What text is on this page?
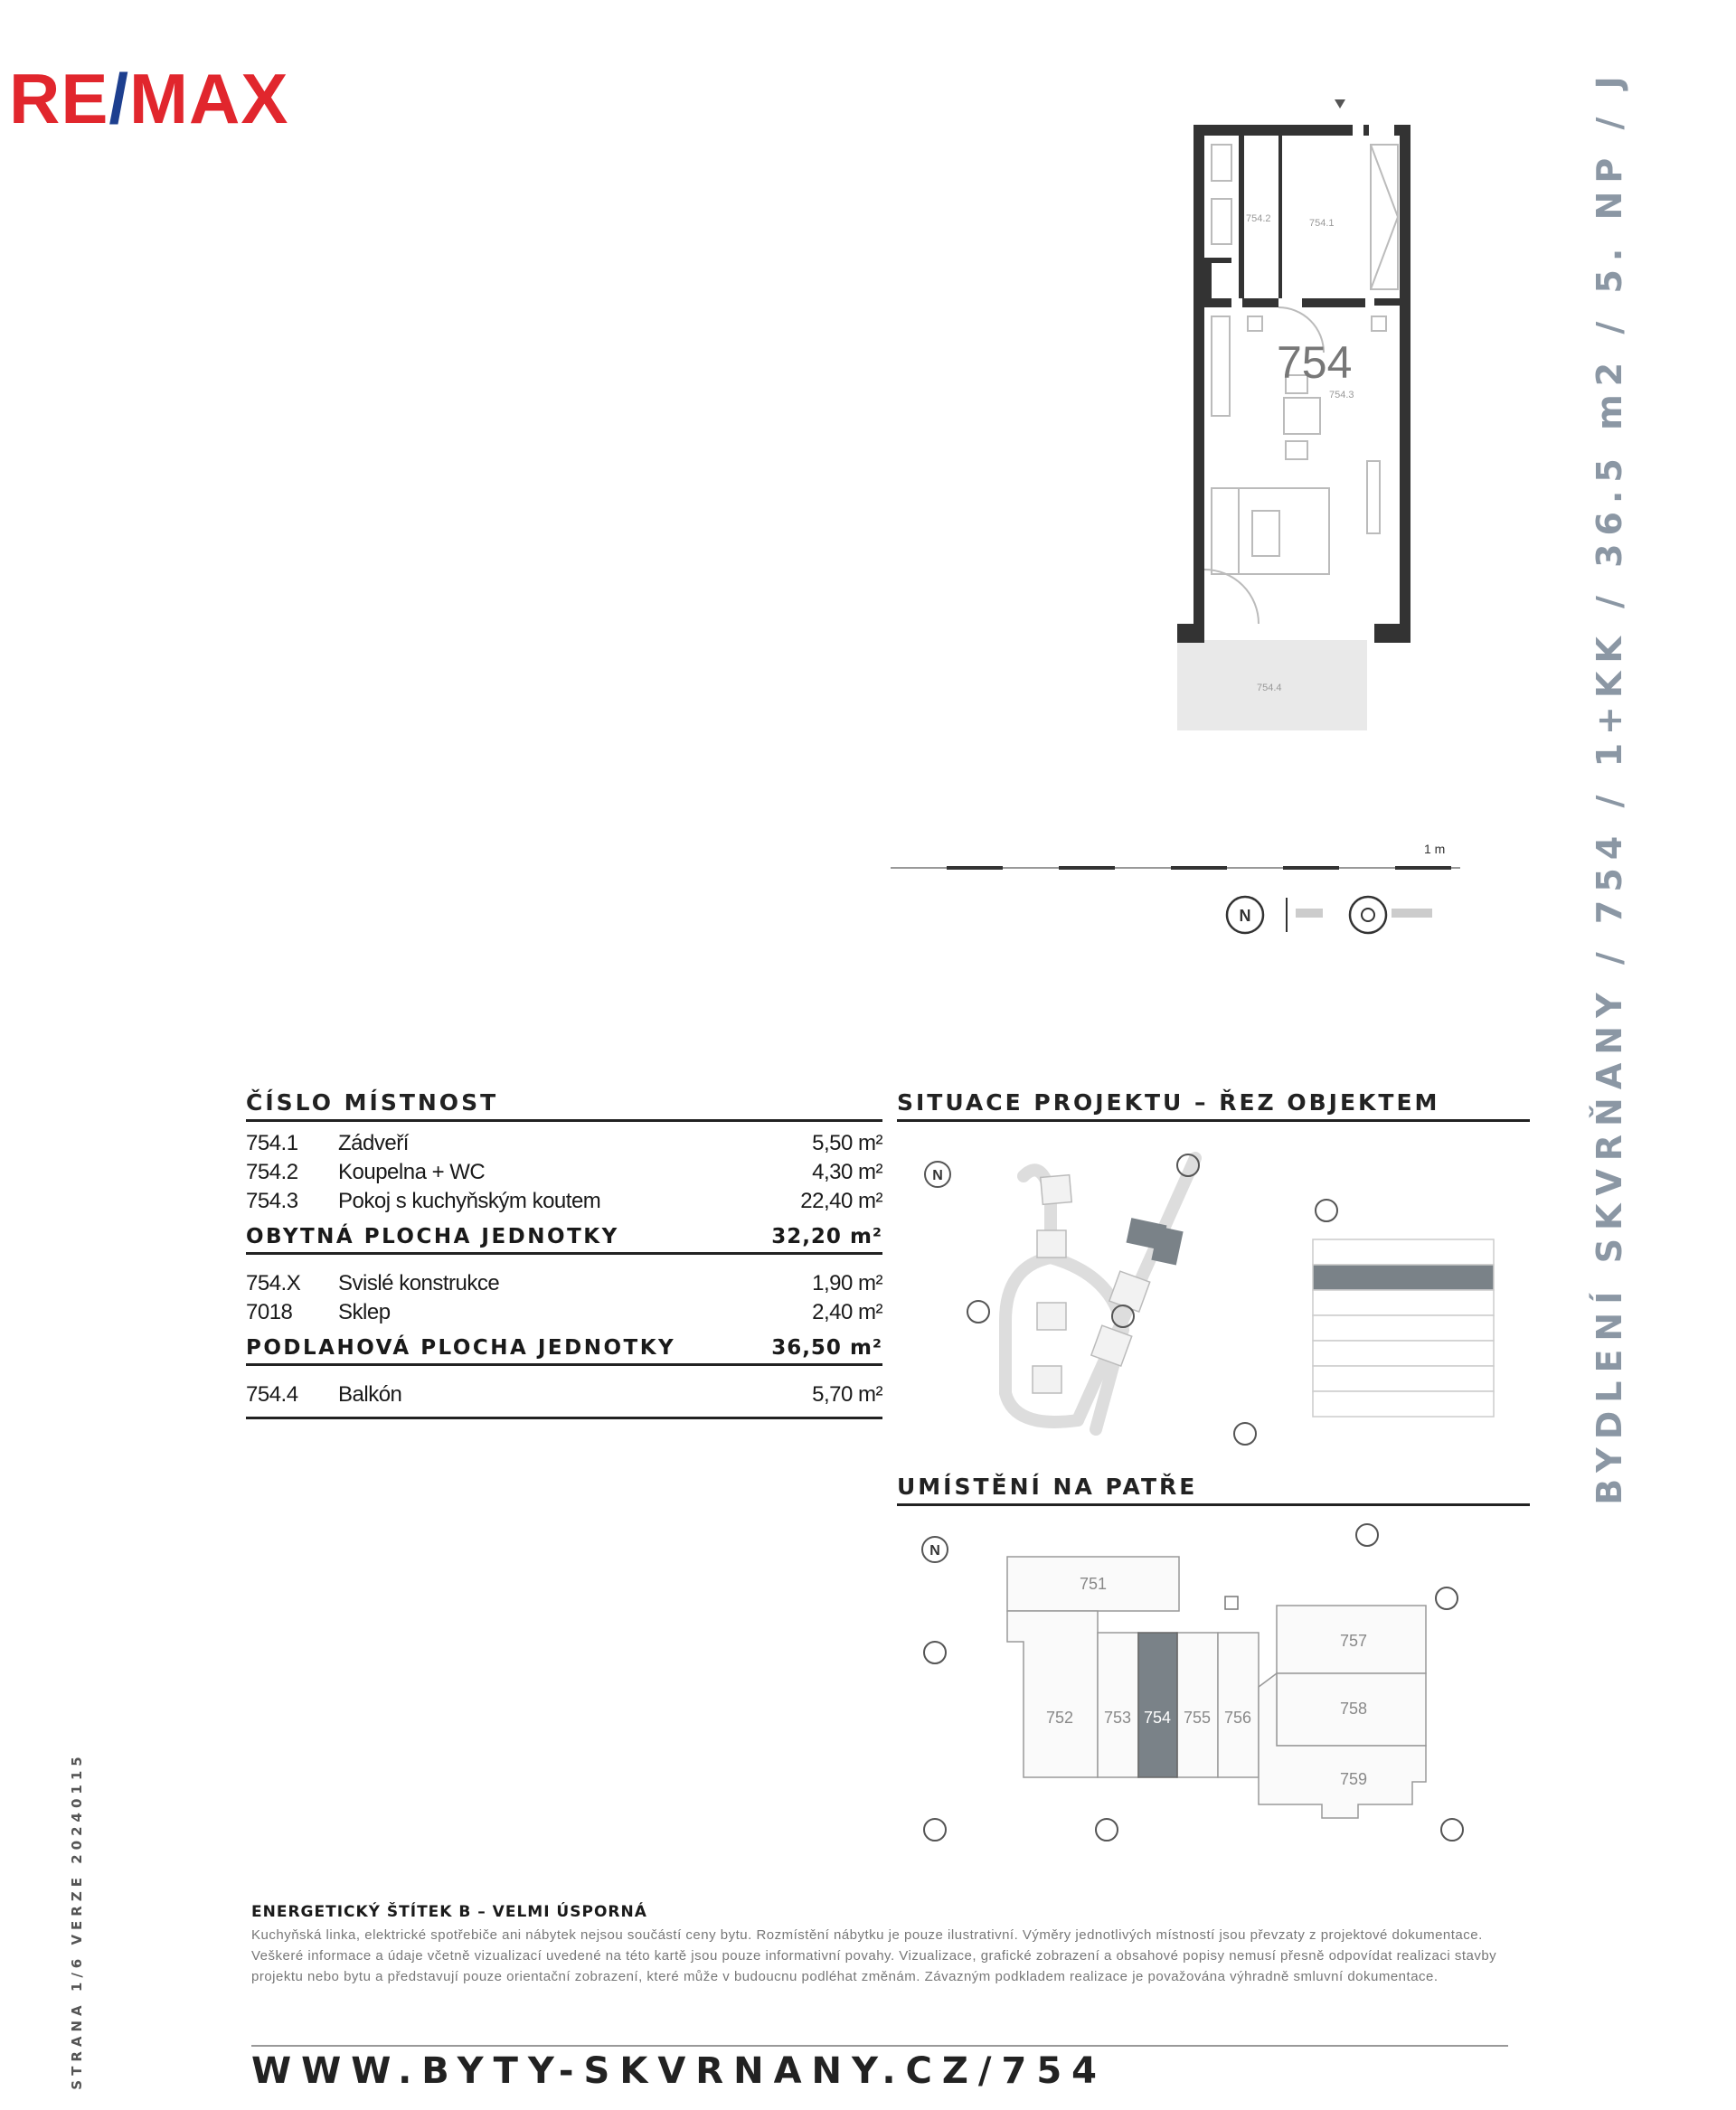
RE/MAX	BYDLENÍ SKVRŇANY / 754 / 1+KK / 36.5 m2 / 5. NP / J
STRANA 1/6 VERZE 20240115
754
754.3
754.2	754.1
754.4
1 m
N
ČÍSLO MÍSTNOST
754.1	Zádveří	5,50 m²
754.2	Koupelna + WC	4,30 m²
754.3	Pokoj s kuchyňským koutem	22,40 m²
OBYTNÁ PLOCHA JEDNOTKY	32,20 m²
754.X	Svislé konstrukce	1,90 m²
7018	Sklep	2,40 m²
PODLAHOVÁ PLOCHA JEDNOTKY	36,50 m²
754.4	Balkón	5,70 m²
SITUACE PROJEKTU – ŘEZ OBJEKTEM
N
UMÍSTĚNÍ NA PATŘE
N
751
752 753 754 755 756
757
758
759
ENERGETICKÝ ŠTÍTEK B – VELMI ÚSPORNÁ
Kuchyňská linka, elektrické spotřebiče ani nábytek nejsou součástí ceny bytu. Rozmístění nábytku je pouze ilustrativní. Výměry jednotlivých místností jsou převzaty z projektové dokumentace. Veškeré informace a údaje včetně vizualizací uvedené na této kartě jsou pouze informativní povahy. Vizualizace, grafické zobrazení a obsahové popisy nemusí přesně odpovídat realizaci stavby projektu nebo bytu a představují pouze orientační zobrazení, které může v budoucnu podléhat změnám. Závazným podkladem realizace je považována výhradně smluvní dokumentace.
WWW.BYTY-SKVRNANY.CZ/754
